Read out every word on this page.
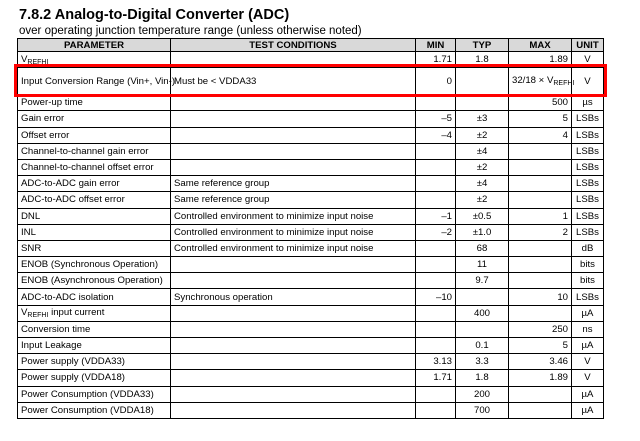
7.8.2 Analog-to-Digital Converter (ADC)
over operating junction temperature range (unless otherwise noted)
PARAMETER	TEST CONDITIONS	MIN	TYP	MAX	UNIT
$V_{REFHI}$		1.71	1.8	1.89	V
Input Conversion Range (Vin+, Vin-)	Must be < VDDA33	0		$32/18 \times V_{REFHI}$	V
Power-up time				500	µs
Gain error		–5	±3	5	LSBs
Offset error		–4	±2	4	LSBs
Channel-to-channel gain error			±4		LSBs
Channel-to-channel offset error			±2		LSBs
ADC-to-ADC gain error	Same reference group		±4		LSBs
ADC-to-ADC offset error	Same reference group		±2		LSBs
DNL	Controlled environment to minimize input noise	–1	±0.5	1	LSBs
INL	Controlled environment to minimize input noise	–2	±1.0	2	LSBs
SNR	Controlled environment to minimize input noise		68		dB
ENOB (Synchronous Operation)			11		bits
ENOB (Asynchronous Operation)			9.7		bits
ADC-to-ADC isolation	Synchronous operation	–10		10	LSBs
$V_{REFHI}$ input current			400		µA
Conversion time				250	ns
Input Leakage			0.1	5	µA
Power supply (VDDA33)		3.13	3.3	3.46	V
Power supply (VDDA18)		1.71	1.8	1.89	V
Power Consumption (VDDA33)			200		µA
Power Consumption (VDDA18)			700		µA
